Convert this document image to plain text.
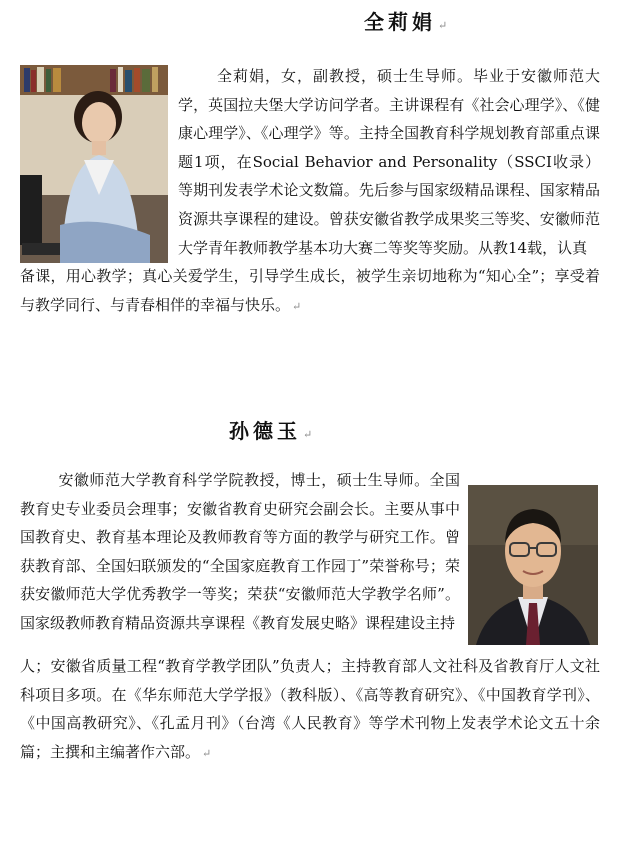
全莉娟 ↵

全莉娟，女，副教授，硕士生导师。毕业于安徽师范大学，英国拉夫堡大学访问学者。主讲课程有《社会心理学》、《健康心理学》、《心理学》等。主持全国教育科学规划教育部重点课题1项，在Social Behavior and Personality（SSCI收录）等期刊发表学术论文数篇。先后参与国家级精品课程、国家精品资源共享课程的建设。曾获安徽省教学成果奖三等奖、安徽师范大学青年教师教学基本功大赛二等奖等奖励。从教14载，认真

备课，用心教学；真心关爱学生，引导学生成长，被学生亲切地称为“知心全”；享受着与教学同行、与青春相伴的幸福与快乐。 ↵

孙德玉 ↵

安徽师范大学教育科学学院教授，博士，硕士生导师。全国教育史专业委员会理事；安徽省教育史研究会副会长。主要从事中国教育史、教育基本理论及教师教育等方面的教学与研究工作。曾获教育部、全国妇联颁发的“全国家庭教育工作园丁”荣誉称号；荣获安徽师范大学优秀教学一等奖；荣获“安徽师范大学教学名师”。国家级教师教育精品资源共享课程《教育发展史略》课程建设主持

人；安徽省质量工程“教育学教学团队”负责人；主持教育部人文社科及省教育厅人文社科项目多项。在《华东师范大学学报》（教科版）、《高等教育研究》、《中国教育学刊》、《中国高教研究》、《孔孟月刊》（台湾《人民教育》等学术刊物上发表学术论文五十余篇；主撰和主编著作六部。 ↵
